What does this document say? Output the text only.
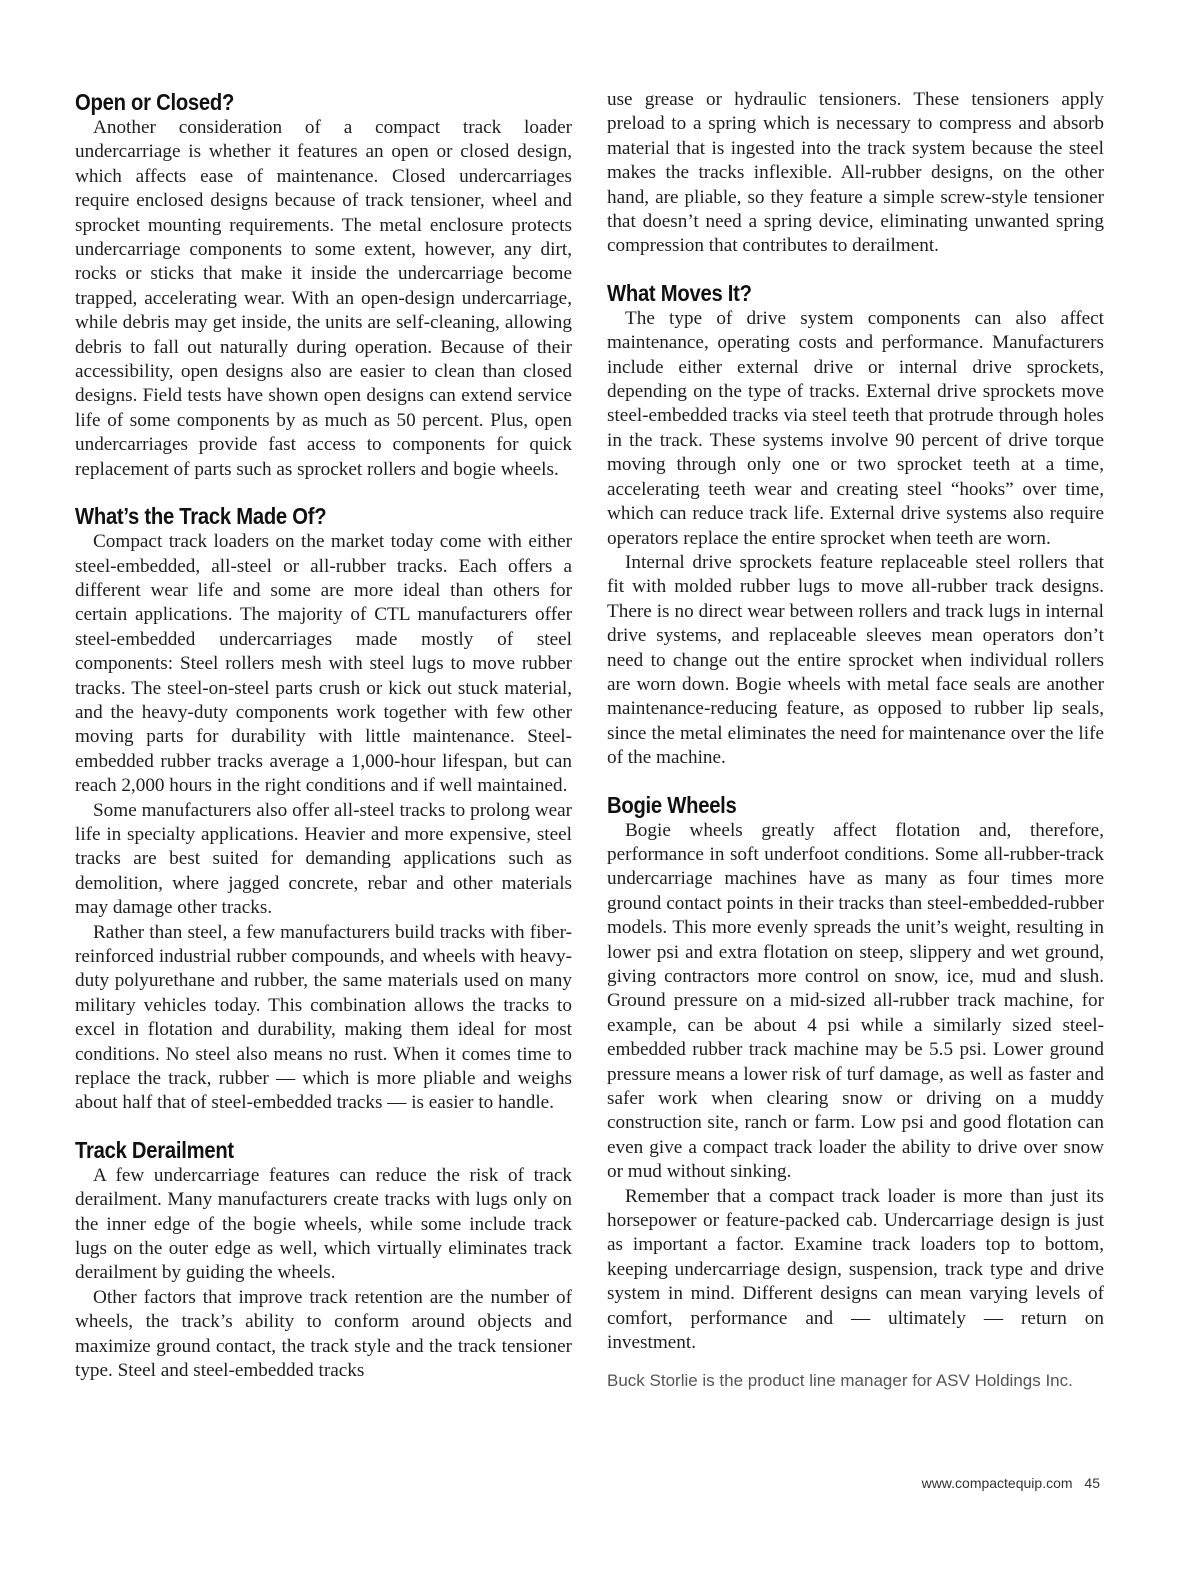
Open or Closed?

Another consideration of a compact track loader undercarriage is whether it features an open or closed design, which affects ease of maintenance. Closed undercarriages require enclosed designs because of track tensioner, wheel and sprocket mounting requirements. The metal enclosure protects undercarriage components to some extent, however, any dirt, rocks or sticks that make it inside the undercarriage become trapped, accelerating wear. With an open-design undercarriage, while debris may get inside, the units are self-cleaning, allowing debris to fall out naturally during operation. Because of their accessibility, open designs also are easier to clean than closed designs. Field tests have shown open designs can extend service life of some components by as much as 50 percent. Plus, open undercarriages provide fast access to components for quick replacement of parts such as sprocket rollers and bogie wheels.

What’s the Track Made Of?

Compact track loaders on the market today come with either steel-embedded, all-steel or all-rubber tracks. Each offers a different wear life and some are more ideal than others for certain applications. The majority of CTL manufacturers offer steel-embedded undercarriages made mostly of steel components: Steel rollers mesh with steel lugs to move rubber tracks. The steel-on-steel parts crush or kick out stuck material, and the heavy-duty components work together with few other moving parts for durability with little maintenance. Steel-embedded rubber tracks average a 1,000-hour lifespan, but can reach 2,000 hours in the right conditions and if well maintained.

Some manufacturers also offer all-steel tracks to prolong wear life in specialty applications. Heavier and more expensive, steel tracks are best suited for demanding applications such as demolition, where jagged concrete, rebar and other materials may damage other tracks.

Rather than steel, a few manufacturers build tracks with fiber-reinforced industrial rubber compounds, and wheels with heavy-duty polyurethane and rubber, the same materials used on many military vehicles today. This combination allows the tracks to excel in flotation and durability, making them ideal for most conditions. No steel also means no rust. When it comes time to replace the track, rubber — which is more pliable and weighs about half that of steel-embedded tracks — is easier to handle.

Track Derailment

A few undercarriage features can reduce the risk of track derailment. Many manufacturers create tracks with lugs only on the inner edge of the bogie wheels, while some include track lugs on the outer edge as well, which virtually eliminates track derailment by guiding the wheels.

Other factors that improve track retention are the number of wheels, the track’s ability to conform around objects and maximize ground contact, the track style and the track tensioner type. Steel and steel-embedded tracks

use grease or hydraulic tensioners. These tensioners apply preload to a spring which is necessary to compress and absorb material that is ingested into the track system because the steel makes the tracks inflexible. All-rubber designs, on the other hand, are pliable, so they feature a simple screw-style tensioner that doesn’t need a spring device, eliminating unwanted spring compression that contributes to derailment.

What Moves It?

The type of drive system components can also affect maintenance, operating costs and performance. Manufacturers include either external drive or internal drive sprockets, depending on the type of tracks. External drive sprockets move steel-embedded tracks via steel teeth that protrude through holes in the track. These systems involve 90 percent of drive torque moving through only one or two sprocket teeth at a time, accelerating teeth wear and creating steel “hooks” over time, which can reduce track life. External drive systems also require operators replace the entire sprocket when teeth are worn.

Internal drive sprockets feature replaceable steel rollers that fit with molded rubber lugs to move all-rubber track designs. There is no direct wear between rollers and track lugs in internal drive systems, and replaceable sleeves mean operators don’t need to change out the entire sprocket when individual rollers are worn down. Bogie wheels with metal face seals are another maintenance-reducing feature, as opposed to rubber lip seals, since the metal eliminates the need for maintenance over the life of the machine.

Bogie Wheels

Bogie wheels greatly affect flotation and, therefore, performance in soft underfoot conditions. Some all-rubber-track undercarriage machines have as many as four times more ground contact points in their tracks than steel-embedded-rubber models. This more evenly spreads the unit’s weight, resulting in lower psi and extra flotation on steep, slippery and wet ground, giving contractors more control on snow, ice, mud and slush. Ground pressure on a mid-sized all-rubber track machine, for example, can be about 4 psi while a similarly sized steel-embedded rubber track machine may be 5.5 psi. Lower ground pressure means a lower risk of turf damage, as well as faster and safer work when clearing snow or driving on a muddy construction site, ranch or farm. Low psi and good flotation can even give a compact track loader the ability to drive over snow or mud without sinking.

Remember that a compact track loader is more than just its horsepower or feature-packed cab. Undercarriage design is just as important a factor. Examine track loaders top to bottom, keeping undercarriage design, suspension, track type and drive system in mind. Different designs can mean varying levels of comfort, performance and — ultimately — return on investment.

Buck Storlie is the product line manager for ASV Holdings Inc.
www.compactequip.com 45
